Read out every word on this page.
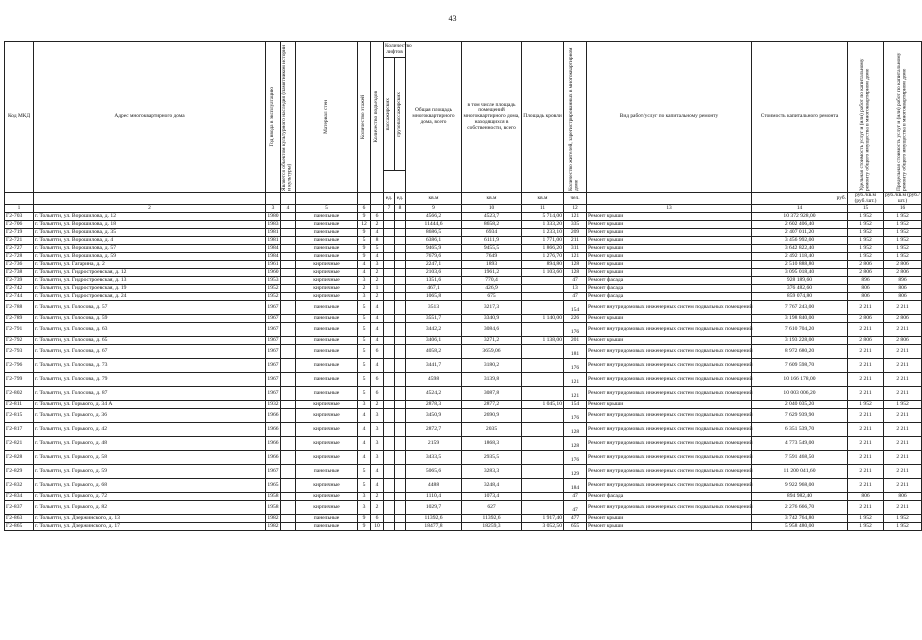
43
Код МКД	Адрес многоквартирного дома	Год ввода в эксплуатацию	Является объектом культурного наследия (памятником истории и культуры)	Материал стен	Количество этажей	Количество подъездов	Количество лифтов		Общая площадь многоквартирного дома, всего	в том числе площадь помещений многоквартирного дома, находящихся в собственности, всего	Площадь кровли	Количество жителей, зарегистрированных в многоквартирном доме	Вид работ/услуг по капитальному ремонту	Стоимость капитального ремонта	Удельная стоимость услуг и (или) работ по капитальному ремонту общего имущества в многоквартирном доме	Предельная стоимость услуг и (или) работ по капитальному ремонту общего имущества в многоквартирном доме

							пассажирских	грузопассажирских								

							ед.	ед.	кв.м	кв.м	кв.м	чел.		руб.	руб./кв.м (руб./шт.)	руб./кв.м (руб./шт.)
1	2	3	4	5	6		7	8	9	10	11	12	13	14	15	16
Г2-703	г. Тольятти, ул. Ворошилова, д. 12	1980		панельные	9	6			4566,2	4523,7	5 714,00	121	Ремонт крыши	10 372 928,00	1 952	1 952
Г2-706	г. Тольятти, ул. Ворошилова, д. 18	1983		панельные	12	2			11444,6	8658,2	1 333,20	335	Ремонт крыши	2 602 406,40	1 952	1 952
Г2-719	г. Тольятти, ул. Ворошилова, д. 35	1981		панельные	9	4			8686,5	6934	1 233,10	209	Ремонт крыши	2 407 011,20	1 952	1 952
Г2-721	г. Тольятти, ул. Ворошилова, д. 4	1981		панельные	5	8			6386,1	6111,9	1 771,00	211	Ремонт крыши	3 456 992,00	1 952	1 952
Г2-727	г. Тольятти, ул. Ворошилова, д. 57	1984		панельные	9	5			9465,9	9455,5	1 866,20	311	Ремонт крыши	3 642 822,40	1 952	1 952
Г2-728	г. Тольятти, ул. Ворошилова, д. 59	1984		панельные	9	4			7679,6	7649	1 276,70	121	Ремонт крыши	2 492 118,40	1 952	1 952
Г2-736	г. Тольятти, ул. Гагарина, д. 2	1961		кирпичные	4	3			2247,1	1893	894,80	128	Ремонт крыши	2 510 888,80	2 806	2 806
Г2-738	г. Тольятти, ул. Гидростроевская, д. 12	1960		кирпичные	4	2			2103,6	1961,2	1 103,60	128	Ремонт крыши	3 095 018,40	2 806	2 806
Г2-739	г. Тольятти, ул. Гидростроевская, д. 13	1953		кирпичные	3	2			1351,6	770,4		47	Ремонт фасада	928 189,60	896	896
Г2-742	г. Тольятти, ул. Гидростроевская, д. 19	1952		кирпичные	2	1			467,1	426,9		13	Ремонт фасада	376 482,60	806	806
Г2-744	г. Тольятти, ул. Гидростроевская, д. 24	1952		кирпичные	3	2			1065,8	675		47	Ремонт фасада	859 074,80	806	806
Г2-788	г. Тольятти, ул. Голосова, д. 57	1967		панельные	5	4			3513	3217,3		154	Ремонт внутридомовых инженерных систем подвальных помещений	7 767 243,00	2 211	2 211
Г2-789	г. Тольятти, ул. Голосова, д. 59	1967		панельные	5	4			3551,7	3340,9	1 140,00	226	Ремонт крыши	3 198 840,00	2 806	2 806
Г2-791	г. Тольятти, ул. Голосова, д. 63	1967		панельные	5	4			3442,2	3084,6		176	Ремонт внутридомовых инженерных систем подвальных помещений	7 610 704,20	2 211	2 211
Г2-792	г. Тольятти, ул. Голосова, д. 65	1967		панельные	5	4			3406,1	3271,2	1 138,00	201	Ремонт крыши	3 193 228,00	2 806	2 806
Г2-793	г. Тольятти, ул. Голосова, д. 67	1967		панельные	5	6			4058,2	3659,06		181	Ремонт внутридомовых инженерных систем подвальных помещений	8 972 680,20	2 211	2 211
Г2-796	г. Тольятти, ул. Голосова, д. 73	1967		панельные	5	4			3441,7	3180,2		176	Ремонт внутридомовых инженерных систем подвальных помещений	7 609 598,70	2 211	2 211
Г2-799	г. Тольятти, ул. Голосова, д. 79	1967		панельные	5	6			4598	3139,8		121	Ремонт внутридомовых инженерных систем подвальных помещений	10 166 178,00	2 211	2 211
Г2-802	г. Тольятти, ул. Голосова, д. 87	1967		панельные	5	6			4524,2	3087,8		121	Ремонт внутридомовых инженерных систем подвальных помещений	10 003 006,20	2 211	2 211
Г2-811	г. Тольятти, ул. Горького, д. 34 А	1932		кирпичные	3	2			2878,3	2877,2	1 045,10	154	Ремонт крыши	2 040 035,20	1 952	1 952
Г2-815	г. Тольятти, ул. Горького, д. 36	1966		кирпичные	4	3			3450,9	2690,9		176	Ремонт внутридомовых инженерных систем подвальных помещений	7 629 939,90	2 211	2 211
Г2-817	г. Тольятти, ул. Горького, д. 42	1966		кирпичные	4	3			2872,7	2035		128	Ремонт внутридомовых инженерных систем подвальных помещений	6 351 539,70	2 211	2 211
Г2-821	г. Тольятти, ул. Горького, д. 48	1966		кирпичные	4	3			2159	1868,3		128	Ремонт внутридомовых инженерных систем подвальных помещений	4 773 549,00	2 211	2 211
Г2-828	г. Тольятти, ул. Горького, д. 58	1966		кирпичные	4	3			3433,5	2935,5		176	Ремонт внутридомовых инженерных систем подвальных помещений	7 591 468,50	2 211	2 211
Г2-829	г. Тольятти, ул. Горького, д. 59	1967		панельные	5	4			5065,6	3283,3		129	Ремонт внутридомовых инженерных систем подвальных помещений	11 200 041,60	2 211	2 211
Г2-832	г. Тольятти, ул. Горького, д. 68	1965		кирпичные	5	4			4488	3248,4		184	Ремонт внутридомовых инженерных систем подвальных помещений	9 922 968,00	2 211	2 211
Г2-834	г. Тольятти, ул. Горького, д. 72	1958		кирпичные	3	2			1110,4	1073,4		47	Ремонт фасада	894 982,40	806	806
Г2-837	г. Тольятти, ул. Горького, д. 82	1958		кирпичные	3	2			1029,7	627		47	Ремонт внутридомовых инженерных систем подвальных помещений	2 276 666,70	2 211	2 211
Г2-863	г. Тольятти, ул. Дзержинского, д. 13	1982		панельные	9	6			11392,6	11392,6	1 917,40	477	Ремонт крыши	3 742 764,80	1 952	1 952
Г2-865	г. Тольятти, ул. Дзержинского, д. 17	1982		панельные	9	10			18477,8	18259,3	3 052,50	655	Ремонт крыши	5 958 480,00	1 952	1 952
